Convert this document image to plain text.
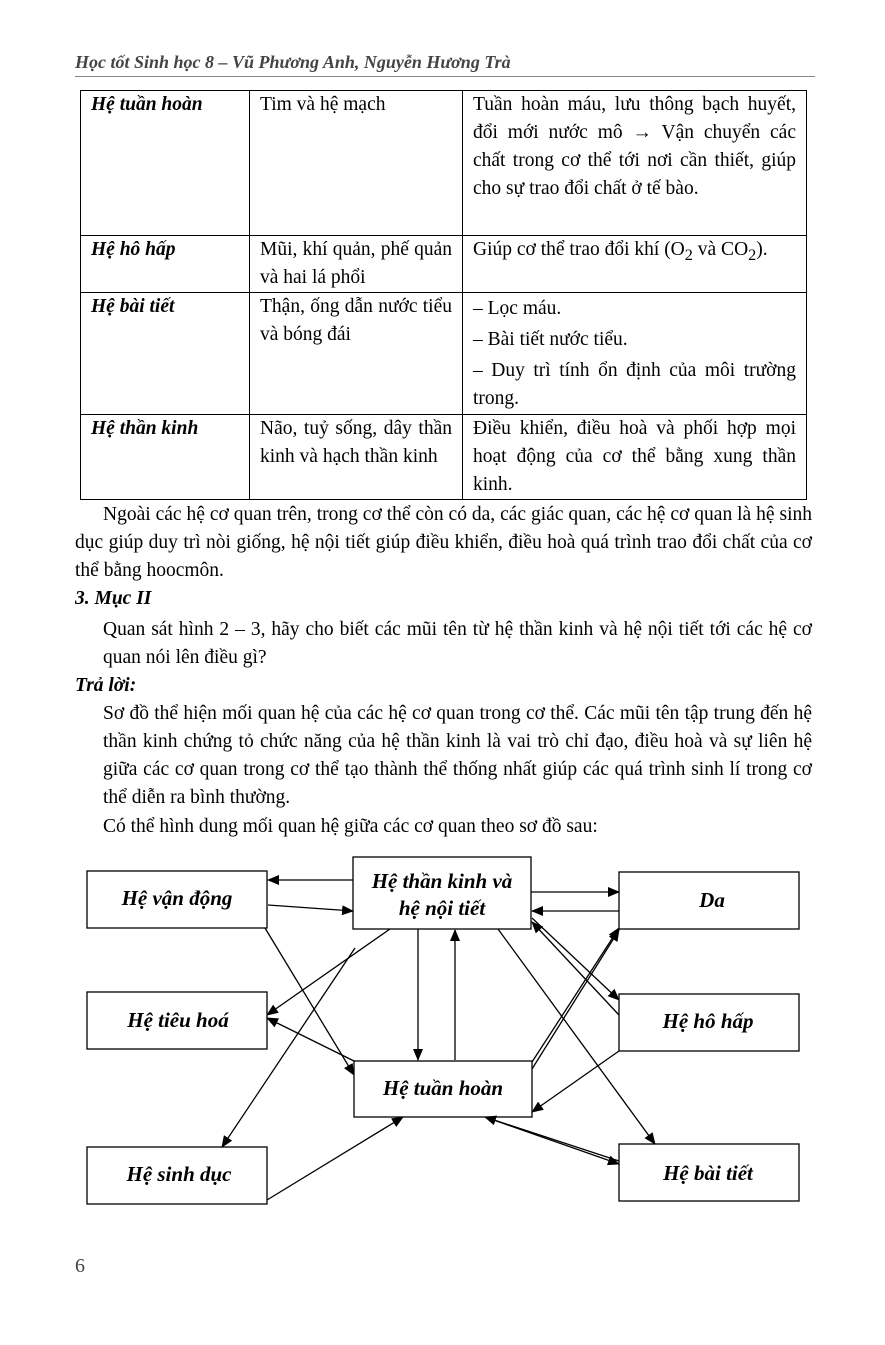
Học tốt Sinh học 8 – Vũ Phương Anh, Nguyễn Hương Trà
Hệ tuần hoàn	Tim và hệ mạch	Tuần hoàn máu, lưu thông bạch huyết, đổi mới nước mô → Vận chuyển các chất trong cơ thể tới nơi cần thiết, giúp cho sự trao đổi chất ở tế bào.
Hệ hô hấp	Mũi, khí quản, phế quản và hai lá phổi	Giúp cơ thể trao đổi khí ($O_2$ và $CO_2$).
Hệ bài tiết	Thận, ống dẫn nước tiểu và bóng đái	– Lọc máu.
– Bài tiết nước tiểu.
– Duy trì tính ổn định của môi trường trong.

Hệ thần kinh	Não, tuỷ sống, dây thần kinh và hạch thần kinh	Điều khiển, điều hoà và phối hợp mọi hoạt động của cơ thể bằng xung thần kinh.
Ngoài các hệ cơ quan trên, trong cơ thể còn có da, các giác quan, các hệ cơ quan là hệ sinh dục giúp duy trì nòi giống, hệ nội tiết giúp điều khiển, điều hoà quá trình trao đổi chất của cơ thể bằng hoocmôn.
3. Mục II
Quan sát hình 2 – 3, hãy cho biết các mũi tên từ hệ thần kinh và hệ nội tiết tới các hệ cơ quan nói lên điều gì?
Trả lời:
Sơ đồ thể hiện mối quan hệ của các hệ cơ quan trong cơ thể. Các mũi tên tập trung đến hệ thần kinh chứng tỏ chức năng của hệ thần kinh là vai trò chỉ đạo, điều hoà và sự liên hệ giữa các cơ quan trong cơ thể tạo thành thể thống nhất giúp các quá trình sinh lí trong cơ thể diễn ra bình thường.
Có thể hình dung mối quan hệ giữa các cơ quan theo sơ đồ sau:
Hệ thần kinh và
hệ nội tiết
Hệ vận động	Da
Hệ tiêu hoá	Hệ hô hấp
Hệ tuần hoàn
Hệ sinh dục	Hệ bài tiết
6
